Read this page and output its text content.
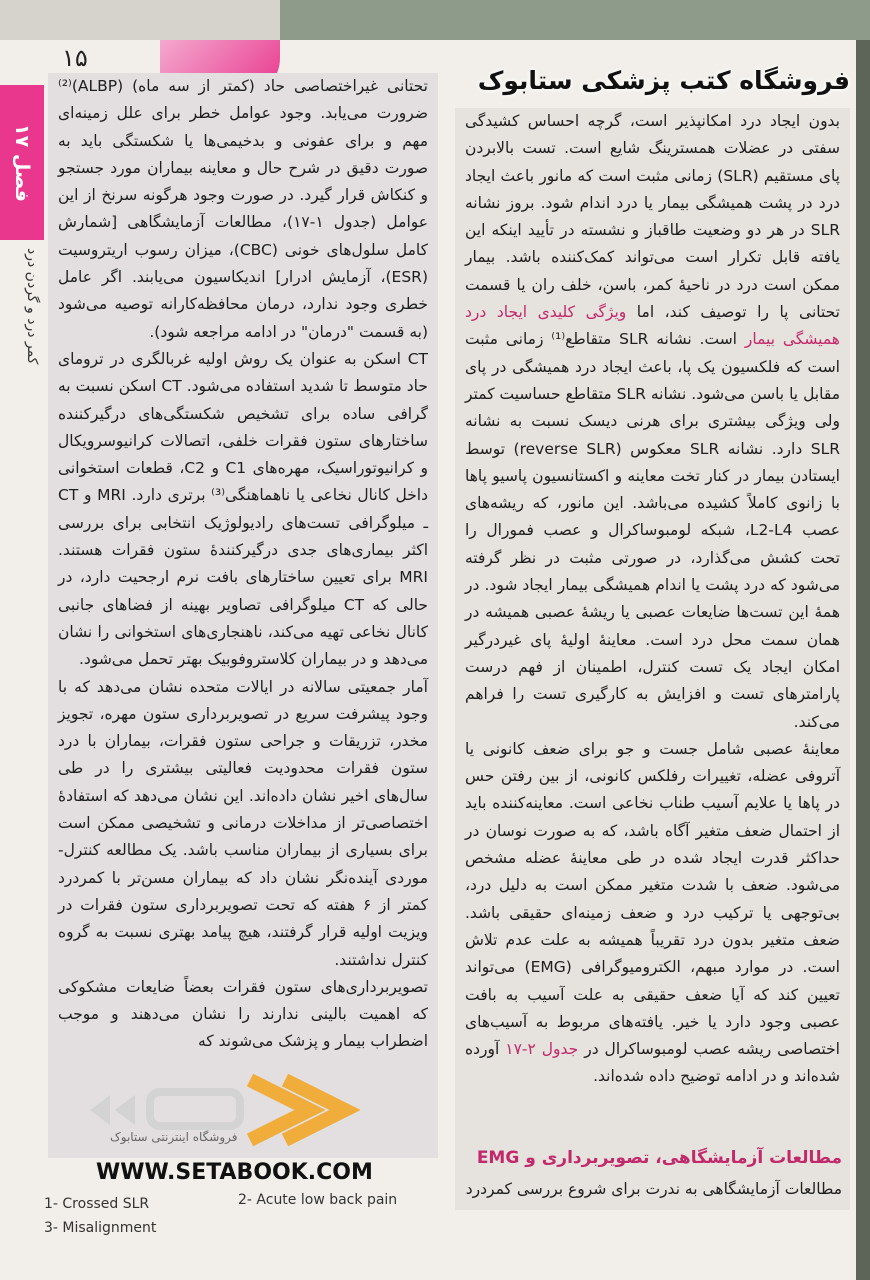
۱۵
فصل ۱۷
کمر درد و گردن درد

بدون ایجاد درد امکانپذیر است، گرچه احساس کشیدگی سفتی در عضلات همسترینگ شایع است. تست بالابردن پای مستقیم (SLR) زمانی مثبت است که مانور باعث ایجاد درد در پشت همیشگی بیمار یا درد اندام شود. بروز نشانه SLR در هر دو وضعیت طاقباز و نشسته در تأیید اینکه این یافته قابل تکرار است می‌تواند کمک‌کننده باشد. بیمار ممکن است درد در ناحیهٔ کمر، باسن، خلف ران یا قسمت تحتانی پا را توصیف کند، اما ویژگی کلیدی ایجاد درد همیشگی بیمار است. نشانه SLR متقاطع⁽¹⁾ زمانی مثبت است که فلکسیون یک پا، باعث ایجاد درد همیشگی در پای مقابل یا باسن می‌شود. نشانه SLR متقاطع حساسیت کمتر ولی ویژگی بیشتری برای هرنی دیسک نسبت به نشانه SLR دارد. نشانه SLR معکوس (reverse SLR) توسط ایستادن بیمار در کنار تخت معاینه و اکستانسیون پاسیو پاها با زانوی کاملاً کشیده می‌باشد. این مانور، که ریشه‌های عصب L2-L4، شبکه لومبوساکرال و عصب فمورال را تحت کشش می‌گذارد، در صورتی مثبت در نظر گرفته می‌شود که درد پشت یا اندام همیشگی بیمار ایجاد شود. در همهٔ این تست‌ها ضایعات عصبی یا ریشهٔ عصبی همیشه در همان سمت محل درد است. معاینهٔ اولیهٔ پای غیردرگیر امکان ایجاد یک تست کنترل، اطمینان از فهم درست پارامترهای تست و افزایش به کارگیری تست را فراهم می‌کند.

معاینهٔ عصبی شامل جست و جو برای ضعف کانونی یا آتروفی عضله، تغییرات رفلکس کانونی، از بین رفتن حس در پاها یا علایم آسیب طناب نخاعی است. معاینه‌کننده باید از احتمال ضعف متغیر آگاه باشد، که به صورت نوسان در حداکثر قدرت ایجاد شده در طی معاینهٔ عضله مشخص می‌شود. ضعف با شدت متغیر ممکن است به دلیل درد، بی‌توجهی یا ترکیب درد و ضعف زمینه‌ای حقیقی باشد. ضعف متغیر بدون درد تقریباً همیشه به علت عدم تلاش است. در موارد مبهم، الکترومیوگرافی (EMG) می‌تواند تعیین کند که آیا ضعف حقیقی به علت آسیب به بافت عصبی وجود دارد یا خیر. یافته‌های مربوط به آسیب‌های اختصاصی ریشه عصب لومبوساکرال در جدول ۲-۱۷ آورده شده‌اند و در ادامه توضیح داده شده‌اند.

فروشگاه کتب پزشکی ستابوک
مطالعات آزمایشگاهی، تصویربرداری و EMG
مطالعات آزمایشگاهی به ندرت برای شروع بررسی کمردرد

تحتانی غیراختصاصی حاد (کمتر از سه ماه) (ALBP)⁽²⁾ ضرورت می‌یابد. وجود عوامل خطر برای علل زمینه‌ای مهم و برای عفونی و بدخیمی‌ها یا شکستگی باید به صورت دقیق در شرح حال و معاینه بیماران مورد جستجو و کنکاش قرار گیرد. در صورت وجود هرگونه سرنخ از این عوامل (جدول ۱-۱۷)، مطالعات آزمایشگاهی [شمارش کامل سلول‌های خونی (CBC)، میزان رسوب اریتروسیت (ESR)، آزمایش ادرار] اندیکاسیون می‌یابند. اگر عامل خطری وجود ندارد، درمان محافظه‌کارانه توصیه می‌شود (به قسمت "درمان" در ادامه مراجعه شود).

CT اسکن به عنوان یک روش اولیه غربالگری در ترومای حاد متوسط تا شدید استفاده می‌شود. CT اسکن نسبت به گرافی ساده برای تشخیص شکستگی‌های درگیرکننده ساختارهای ستون فقرات خلفی، اتصالات کرانیوسرویکال و کرانیوتوراسیک، مهره‌های C1 و C2، قطعات استخوانی داخل کانال نخاعی یا ناهماهنگی⁽³⁾ برتری دارد. MRI و CT ـ میلوگرافی تست‌های رادیولوژیک انتخابی برای بررسی اکثر بیماری‌های جدی درگیرکنندهٔ ستون فقرات هستند. MRI برای تعیین ساختارهای بافت نرم ارجحیت دارد، در حالی که CT میلوگرافی تصاویر بهینه از فضاهای جانبی کانال نخاعی تهیه می‌کند، ناهنجاری‌های استخوانی را نشان می‌دهد و در بیماران کلاستروفوبیک بهتر تحمل می‌شود.

آمار جمعیتی سالانه در ایالات متحده نشان می‌دهد که با وجود پیشرفت سریع در تصویربرداری ستون مهره، تجویز مخدر، تزریقات و جراحی ستون فقرات، بیماران با درد ستون فقرات محدودیت فعالیتی بیشتری را در طی سال‌های اخیر نشان داده‌اند. این نشان می‌دهد که استفادهٔ اختصاصی‌تر از مداخلات درمانی و تشخیصی ممکن است برای بسیاری از بیماران مناسب باشد. یک مطالعه کنترل- موردی آینده‌نگر نشان داد که بیماران مسن‌تر با کمردرد کمتر از ۶ هفته که تحت تصویربرداری ستون فقرات در ویزیت اولیه قرار گرفتند، هیچ پیامد بهتری نسبت به گروه کنترل نداشتند.

تصویربرداری‌های ستون فقرات بعضاً ضایعات مشکوکی که اهمیت بالینی ندارند را نشان می‌دهند و موجب اضطراب بیمار و پزشک می‌شوند که

فروشگاه اینترنتی ستابوک
WWW.SETABOOK.COM
1- Crossed SLR	2- Acute low back pain
3- Misalignment
